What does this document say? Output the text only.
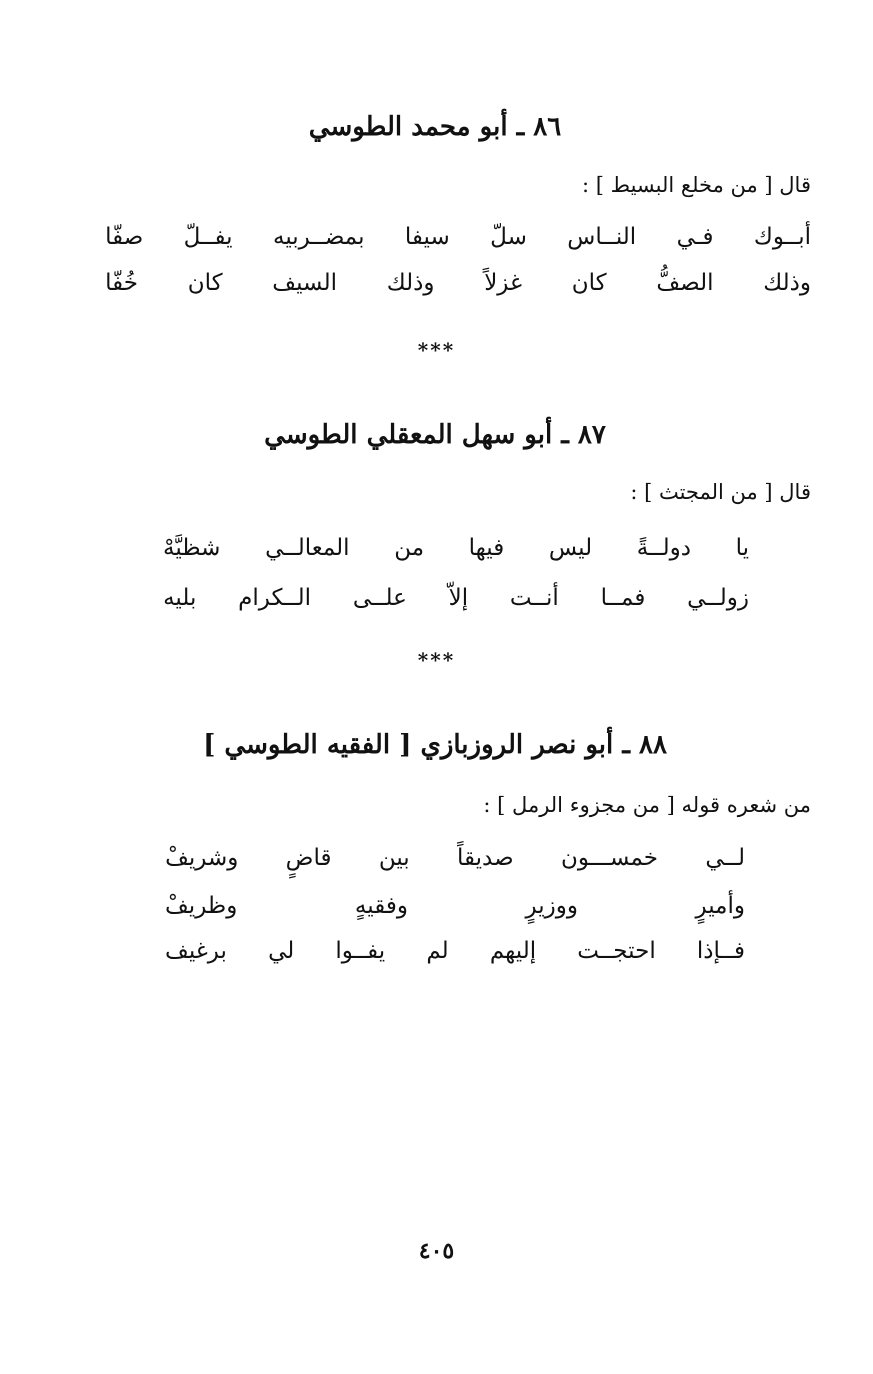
٨٦ ـ أبو محمد الطوسي
قال [ من مخلع البسيط ] :
أبــوك
فـي
النــاس
سلّ
سيفا
بمضــربيه
يفــلّ
صفّا
وذلك
الصفُّ
كان
غزلاً
وذلك
السيف
كان
خُفّا
***
٨٧ ـ أبو سهل المعقلي الطوسي
قال [ من المجتث ] :
يا
دولــةً
ليس
فيها
من
المعالــي
شظيَّهْ
زولــي
فمــا
أنــت
إلاّ
علــى
الــكرام
بليه
***
٨٨ ـ أبو نصر الروزبازي [ الفقيه الطوسي ]
من شعره قوله [ من مجزوء الرمل ] :
لــي
خمســـون
صديقاً
بين
قاضٍ
وشريفْ
وأميرٍ
ووزيرٍ
وفقيهٍ
وظريفْ
فــإذا
احتجــت
إليهم
لم
يفــوا
لي
برغيف
٤٠٥
